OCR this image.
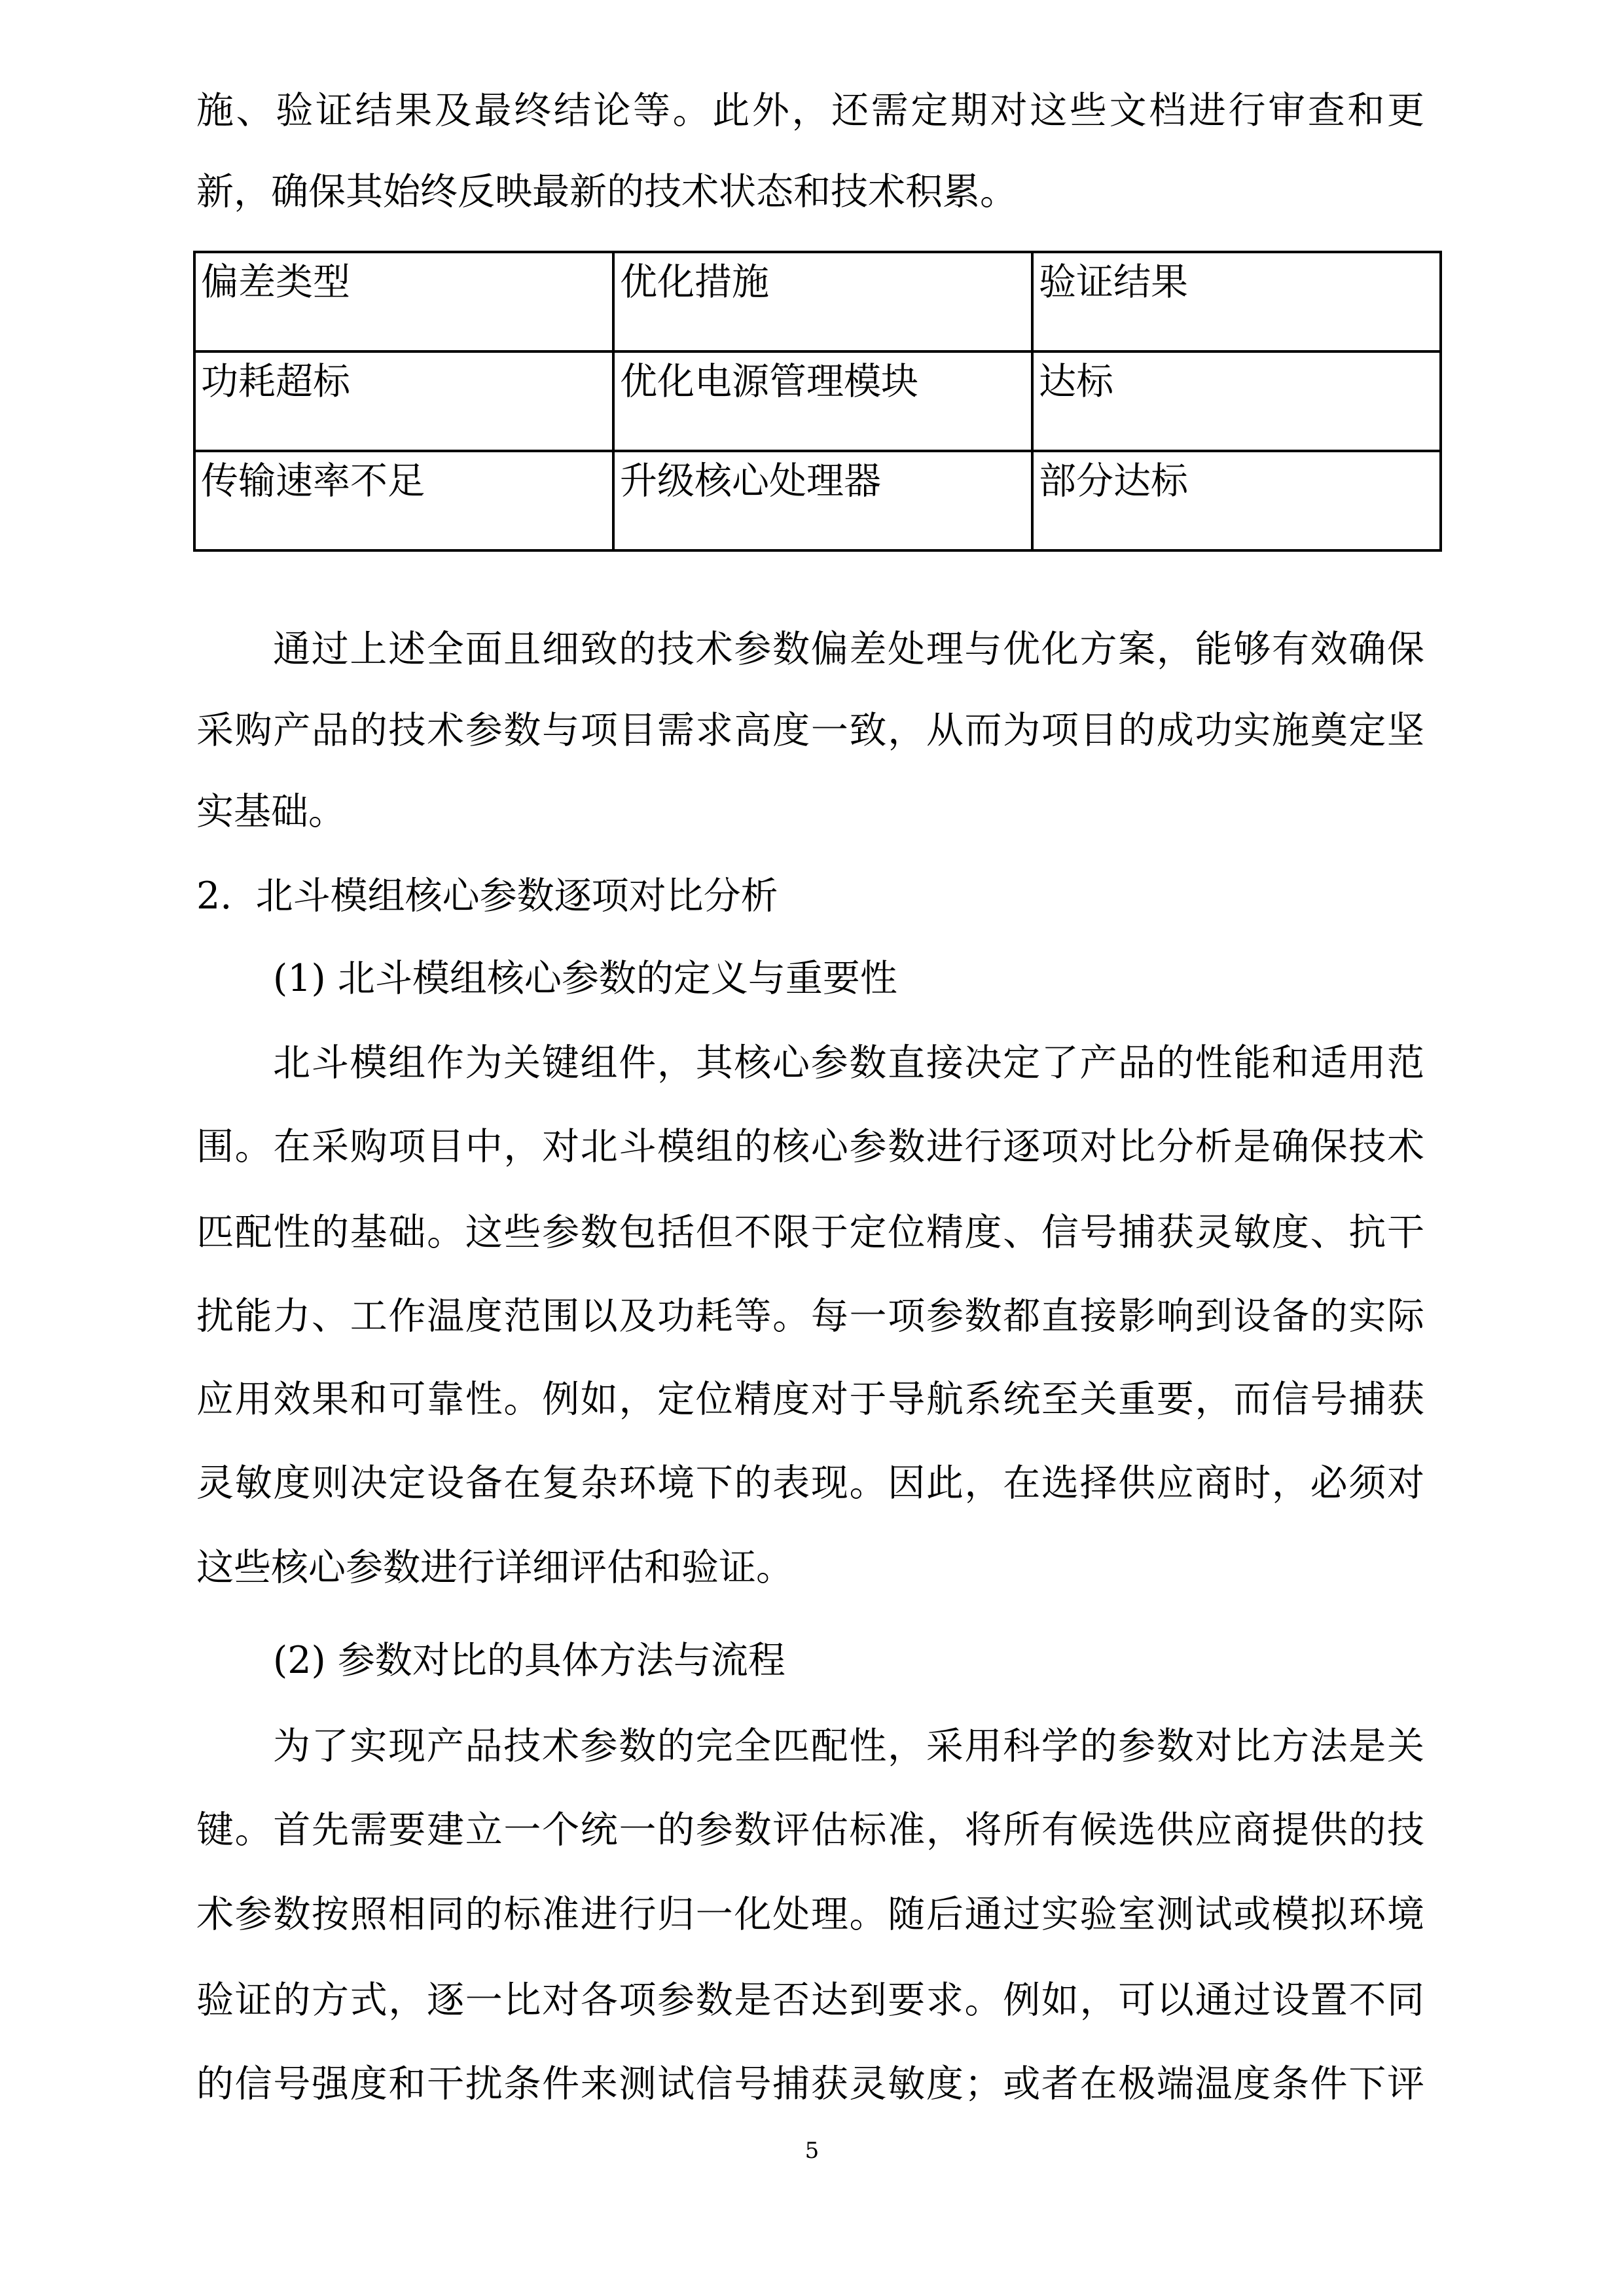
施、验证结果及最终结论等。此外，还需定期对这些文档进行审查和更
新，确保其始终反映最新的技术状态和技术积累。
偏差类型	优化措施	验证结果
功耗超标	优化电源管理模块	达标
传输速率不足	升级核心处理器	部分达标
通过上述全面且细致的技术参数偏差处理与优化方案，能够有效确保
采购产品的技术参数与项目需求高度一致，从而为项目的成功实施奠定坚
实基础。
2.  北斗模组核心参数逐项对比分析
(1) 北斗模组核心参数的定义与重要性
北斗模组作为关键组件，其核心参数直接决定了产品的性能和适用范
围。在采购项目中，对北斗模组的核心参数进行逐项对比分析是确保技术
匹配性的基础。这些参数包括但不限于定位精度、信号捕获灵敏度、抗干
扰能力、工作温度范围以及功耗等。每一项参数都直接影响到设备的实际
应用效果和可靠性。例如，定位精度对于导航系统至关重要，而信号捕获
灵敏度则决定设备在复杂环境下的表现。因此，在选择供应商时，必须对
这些核心参数进行详细评估和验证。
(2) 参数对比的具体方法与流程
为了实现产品技术参数的完全匹配性，采用科学的参数对比方法是关
键。首先需要建立一个统一的参数评估标准，将所有候选供应商提供的技
术参数按照相同的标准进行归一化处理。随后通过实验室测试或模拟环境
验证的方式，逐一比对各项参数是否达到要求。例如，可以通过设置不同
的信号强度和干扰条件来测试信号捕获灵敏度；或者在极端温度条件下评
5
